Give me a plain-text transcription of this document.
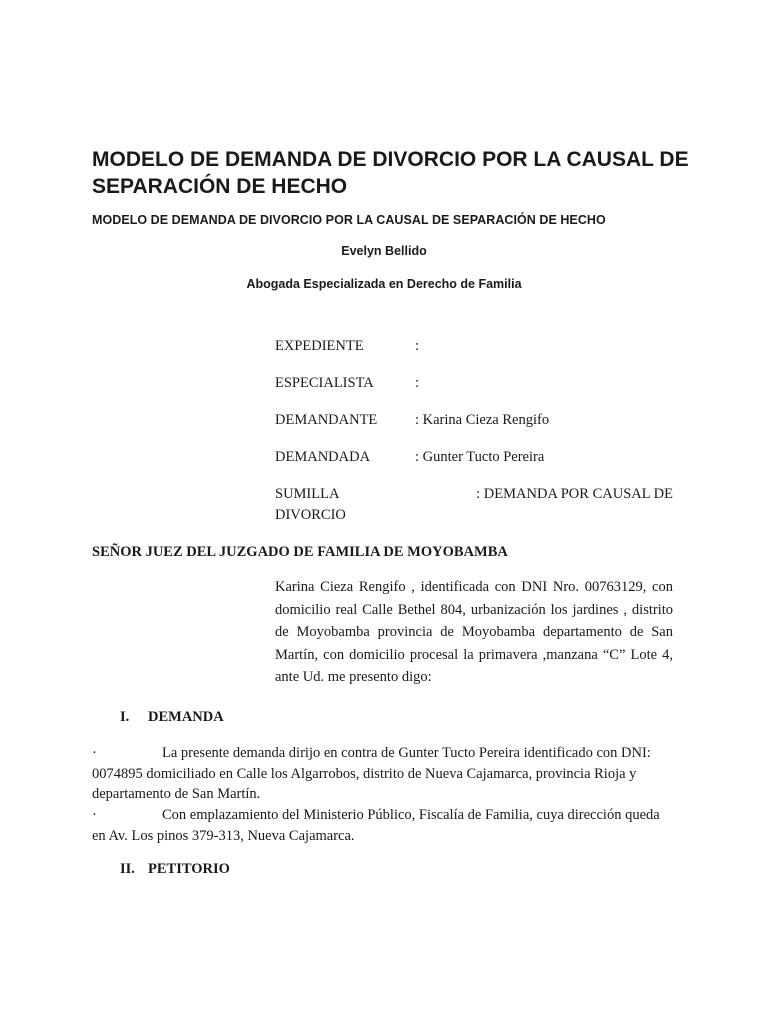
MODELO DE DEMANDA DE DIVORCIO POR LA CAUSAL DE SEPARACIÓN DE HECHO
MODELO DE DEMANDA DE DIVORCIO POR LA CAUSAL DE SEPARACIÓN DE HECHO
Evelyn Bellido
Abogada Especializada en Derecho de Familia
EXPEDIENTE	:
ESPECIALISTA	:
DEMANDANTE	: Karina Cieza Rengifo
DEMANDADA	: Gunter Tucto Pereira
SUMILLA	: DEMANDA POR CAUSAL DE
DIVORCIO
SEÑOR JUEZ DEL JUZGADO DE FAMILIA DE MOYOBAMBA
Karina Cieza Rengifo , identificada con DNI Nro. 00763129, con domicilio real Calle Bethel 804, urbanización los jardines , distrito de Moyobamba provincia de Moyobamba departamento de San Martín, con domicilio procesal la primavera ,manzana “C” Lote 4, ante Ud. me presento digo:
I. DEMANDA
·	La presente demanda dirijo en contra de Gunter Tucto Pereira identificado con DNI: 0074895 domiciliado en Calle los Algarrobos, distrito de Nueva Cajamarca, provincia Rioja y departamento de San Martín.
·	Con emplazamiento del Ministerio Público, Fiscalía de Familia, cuya dirección queda en Av. Los pinos 379-313, Nueva Cajamarca.
II. PETITORIO
